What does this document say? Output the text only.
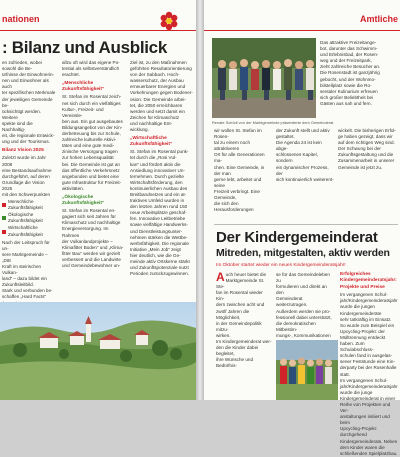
nationen
: Bilanz und Ausblick
en zufrieden, wobei sowohl die Be-
ürfnisse der Einwohnerin-
nen und Einwohner als auch
ter spezifischen Merkmale
der jeweiligen Gemeinde be-
ücksichtigt werden. Weitere
spekte sind die Nachhaltig-
eit, die regionale Entwick-
ung und der Tourismus.
Bilanz Vision 2025
Zuletzt wurde im Jahr 2008
eine Bestandsaufnahme
durchgeführt, auf deren
Grundlage die Vision 2025
mit den Schwerpunkten
Menschliche Zukunftsfähigkeit
Ökologische Zukunftsfähigkeit
Wirtschaftliche Zukunftsfähigkeit
Nach der Leitspruch für un-
sere Marktgemeinde – „DIE
Kraft im steirischen Vulkan-
land“ – dazu bildet ein
Zukunftsleitbild.
Stark und verbunden be-
schaffen „Hard Facts“
allzu oft wird das eigene Po-
tential als selbstverständlich
erachtet.
„Menschliche Zukunftsfähigkeit“
St. Stefan im Rosental zeich-
net sich durch ein vielfältiges
Kultur-, Freizeit- und Vereinsle-
ben aus. Ein gut ausgebautes
Bildungsangebot von der Kin-
derbetreuung bis zur Schule,
zahlreiche kulturelle Aktivi-
täten und eine gute medi-
zinische Versorgung tragen
zur hohen Lebensqualität
bei. Die Gemeinde ist gut an
das öffentliche Verkehrsnetz
angebunden und bietet eine
gute Infrastruktur für Freizeit-
aktivitäten.
„Ökologische Zukunftsfähigkeit“
St. Stefan im Rosental en-
gagiert sich seit Jahren für
Klimaschutz und nachhaltige
Energieversorgung. Im Rahmen
der Vulkanlandprojekte –
Klimafitter Boden“ und „Klima-
fitter Bau“ werden wir gezielt
verbessert und die Landwirte
und Gemeindebewohner un-
Ziel ist, zu den Maßnahmen
geführten Resultatorientierung
von der Sabbach. Hoch-
wasserschutz, der Ausbau
erneuerbarer Energien und
Vorkehrungen gegen Bodener-
osion. Die Gemeinde arbei-
tet, die 2050 erreichbaren
werden und setzt damit ein
Zeichen für Klimaschutz
und nachhaltige Ent-
wicklung.
„Wirtschaftliche Zukunftsfähigkeit“
St. Stefan im Rosental punk-
tet durch die „Rosi Vul-
kan“ und fördert aktiv die
Ansiedlung innovativer Un-
ternehmen. Durch gezielte
Wirtschaftsförderung, den
kontinuierlichen Ausbau des
Breitbandnetzes und ein at-
traktives Umfeld wurden in
den letzten Jahren rund 150
neue Arbeitsplätze geschaf-
fen. Innovative Leitbetriebe
sowie vielfältige Handwerks-
und Dienstleistungsunter-
nehmen stärken die Wettbe-
werbsfähigkeit. Die regionale
Initiative „Mein Job“ zeigt
hier deutlich, wie die Ge-
meinde aktiv Ortskerne stärkt
und Zukunftspotenziale nutzt
Perioden zurückzugewinnen.
Amtliche
Renate Schödl von der Marktgemeinde präsentierte dem Gemeinderat
Das attraktive Freizeitange-
bot, darunter das Schwimm-
und Erlebnisbad, der Rosen-
weg und der Freizeitpark,
zieht zahlreiche Besucher an.
Die Rosenstadt ist ganzjährig
gebucht, und der Wohnmo-
bilstellplatz sowie die Ro-
sentaler Kulinarium erfreuen
sich großer Beliebtheit bei
Gästen aus nah und fern.
wir wollen St. Stefan im Rosen-
tal zu einem noch attraktiveren
Ort für alle Generationen ma-
chen. Eine Gemeinde, in der man
gerne lebt, arbeitet und seine
Freizeit verbringt. Eine Gemeinde,
die sich den Herausforderungen
der Zukunft stellt und aktiv
gestaltet.
Die Agenda 24 ist kein abge-
schlossenes Kapitel, sondern
ein dynamischer Prozess, der
sich kontinuierlich weiterent-
wickelt. Die bisherigen Erfol-
ge haben gezeigt, dass wir
auf dem richtigen Weg sind.
Der Schwung bei der
Zukunftsgestaltung und die
Zusammenarbeit in unserer
Gemeinde ist jetzt zu.
Der Kindergemeinderat
Mitreden, mitgestalten, aktiv werden
Im Oktober startet wieder ein neues Kindergemeinderatsjahr!
Auch heuer bietet die
Marktgemeinde St. Ste-
fan im Rosental wieder Kin-
dern zwischen acht und
zwölf Jahren die Möglichkeit,
in der Gemeindepolitik mitzu-
wirken.
Im Kindergemeinderat wer-
den die Kinder dabei begleitet,
ihre Wünsche und Bedürfnis-
se für das Gemeindeleben zu
formulieren und direkt an den
Gemeinderat weiterzutragen.
Außerdem werden sie pro-
fessionell dabei unterstützt,
die demokratischen Mitbestim-
mungs-, Kommunikationen
Erfolgreiches Kindergemeinderatsjahr:
Projekte und Preise
Im vergangenen Schul-
jahr/Kindergemeinderatsjahr
wurde die jungen
Kindergemeinderäte
sehr tatkräftig im Einsatz.
So wurde zum Beispiel ein
Upcycling-Projekt: der
Mülltrennung entdeckt
haben. Zum Schulabschluss-
schulen fand in ausgelas-
sener Feststunde eine Kin-
derparty bei der Rosenhalle
statt.
Im vergangenen Schul-
jahr/Kindergemeinderatsjahr
wurde die junge
Kindergemeinderat in einer
Reihe von Projekten und Ver-
anstaltungen initiiert und beim
Upcycling-Projekt: durchgehend
Kindergemeinderats. Neben
dem Kinder waren die
schließenden Spielplatzbau.
